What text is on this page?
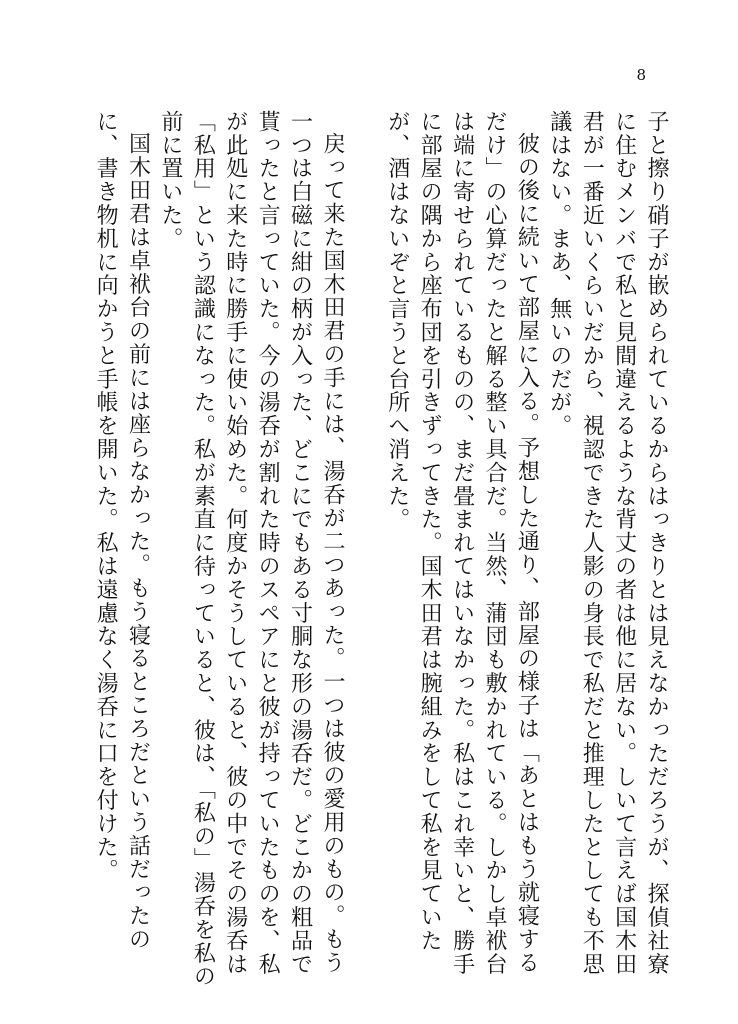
8

子と擦り硝子が嵌められているからはっきりとは見えなかっただろうが、探偵社寮に住むメンバで私と見間違えるような背丈の者は他に居ない。しいて言えば国木田君が一番近いくらいだから、視認できた人影の身長で私だと推理したとしても不思議はない。まあ、無いのだが。

彼の後に続いて部屋に入る。予想した通り、部屋の様子は「あとはもう就寝するだけ」の心算だったと解る整い具合だ。当然、蒲団も敷かれている。しかし卓袱台は端に寄せられているものの、まだ畳まれてはいなかった。私はこれ幸いと、勝手に部屋の隅から座布団を引きずってきた。国木田君は腕組みをして私を見ていたが、酒はないぞと言うと台所へ消えた。

戻って来た国木田君の手には、湯呑が二つあった。一つは彼の愛用のもの。もう一つは白磁に紺の柄が入った、どこにでもある寸胴な形の湯呑だ。どこかの粗品で貰ったと言っていた。今の湯呑が割れた時のスペアにと彼が持っていたものを、私が此処に来た時に勝手に使い始めた。何度かそうしていると、彼の中でその湯呑は「私用」という認識になった。私が素直に待っていると、彼は、「私の」湯呑を私の前に置いた。

国木田君は卓袱台の前には座らなかった。もう寝るところだという話だったのに、書き物机に向かうと手帳を開いた。私は遠慮なく湯呑に口を付けた。
